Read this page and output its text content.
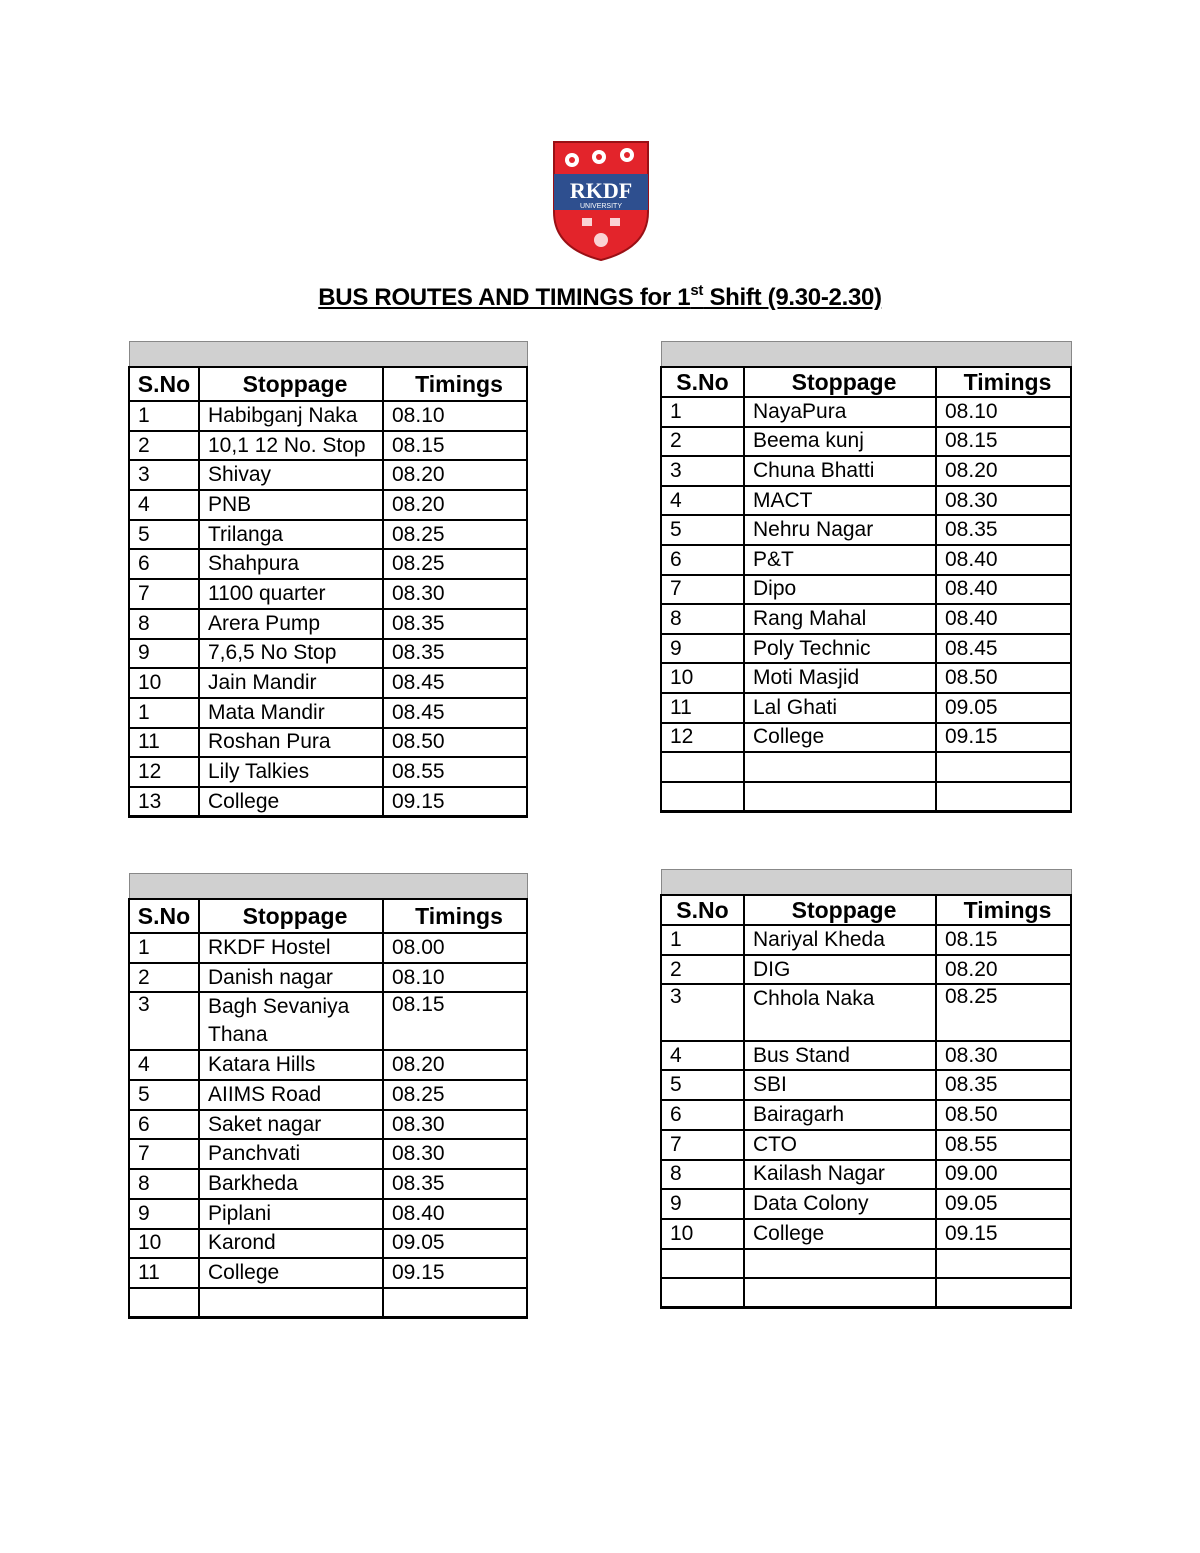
RKDF
UNIVERSITY
BUS ROUTES AND TIMINGS for 1st Shift (9.30-2.30)

S.No	Stoppage	Timings
1	Habibganj Naka	08.10
2	10,1 12 No. Stop	08.15
3	Shivay	08.20
4	PNB	08.20
5	Trilanga	08.25
6	Shahpura	08.25
7	1100 quarter	08.30
8	Arera Pump	08.35
9	7,6,5 No Stop	08.35
10	Jain Mandir	08.45
1	Mata Mandir	08.45
11	Roshan Pura	08.50
12	Lily Talkies	08.55
13	College	09.15

S.No	Stoppage	Timings
1	NayaPura	08.10
2	Beema kunj	08.15
3	Chuna Bhatti	08.20
4	MACT	08.30
5	Nehru Nagar	08.35
6	P&T	08.40
7	Dipo	08.40
8	Rang Mahal	08.40
9	Poly Technic	08.45
10	Moti Masjid	08.50
11	Lal Ghati	09.05
12	College	09.15

S.No	Stoppage	Timings
1	RKDF Hostel	08.00
2	Danish nagar	08.10
3	Bagh Sevaniya Thana	08.15
4	Katara Hills	08.20
5	AIIMS Road	08.25
6	Saket nagar	08.30
7	Panchvati	08.30
8	Barkheda	08.35
9	Piplani	08.40
10	Karond	09.05
11	College	09.15

S.No	Stoppage	Timings
1	Nariyal Kheda	08.15
2	DIG	08.20
3	Chhola Naka	08.25
4	Bus Stand	08.30
5	SBI	08.35
6	Bairagarh	08.50
7	CTO	08.55
8	Kailash Nagar	09.00
9	Data Colony	09.05
10	College	09.15
